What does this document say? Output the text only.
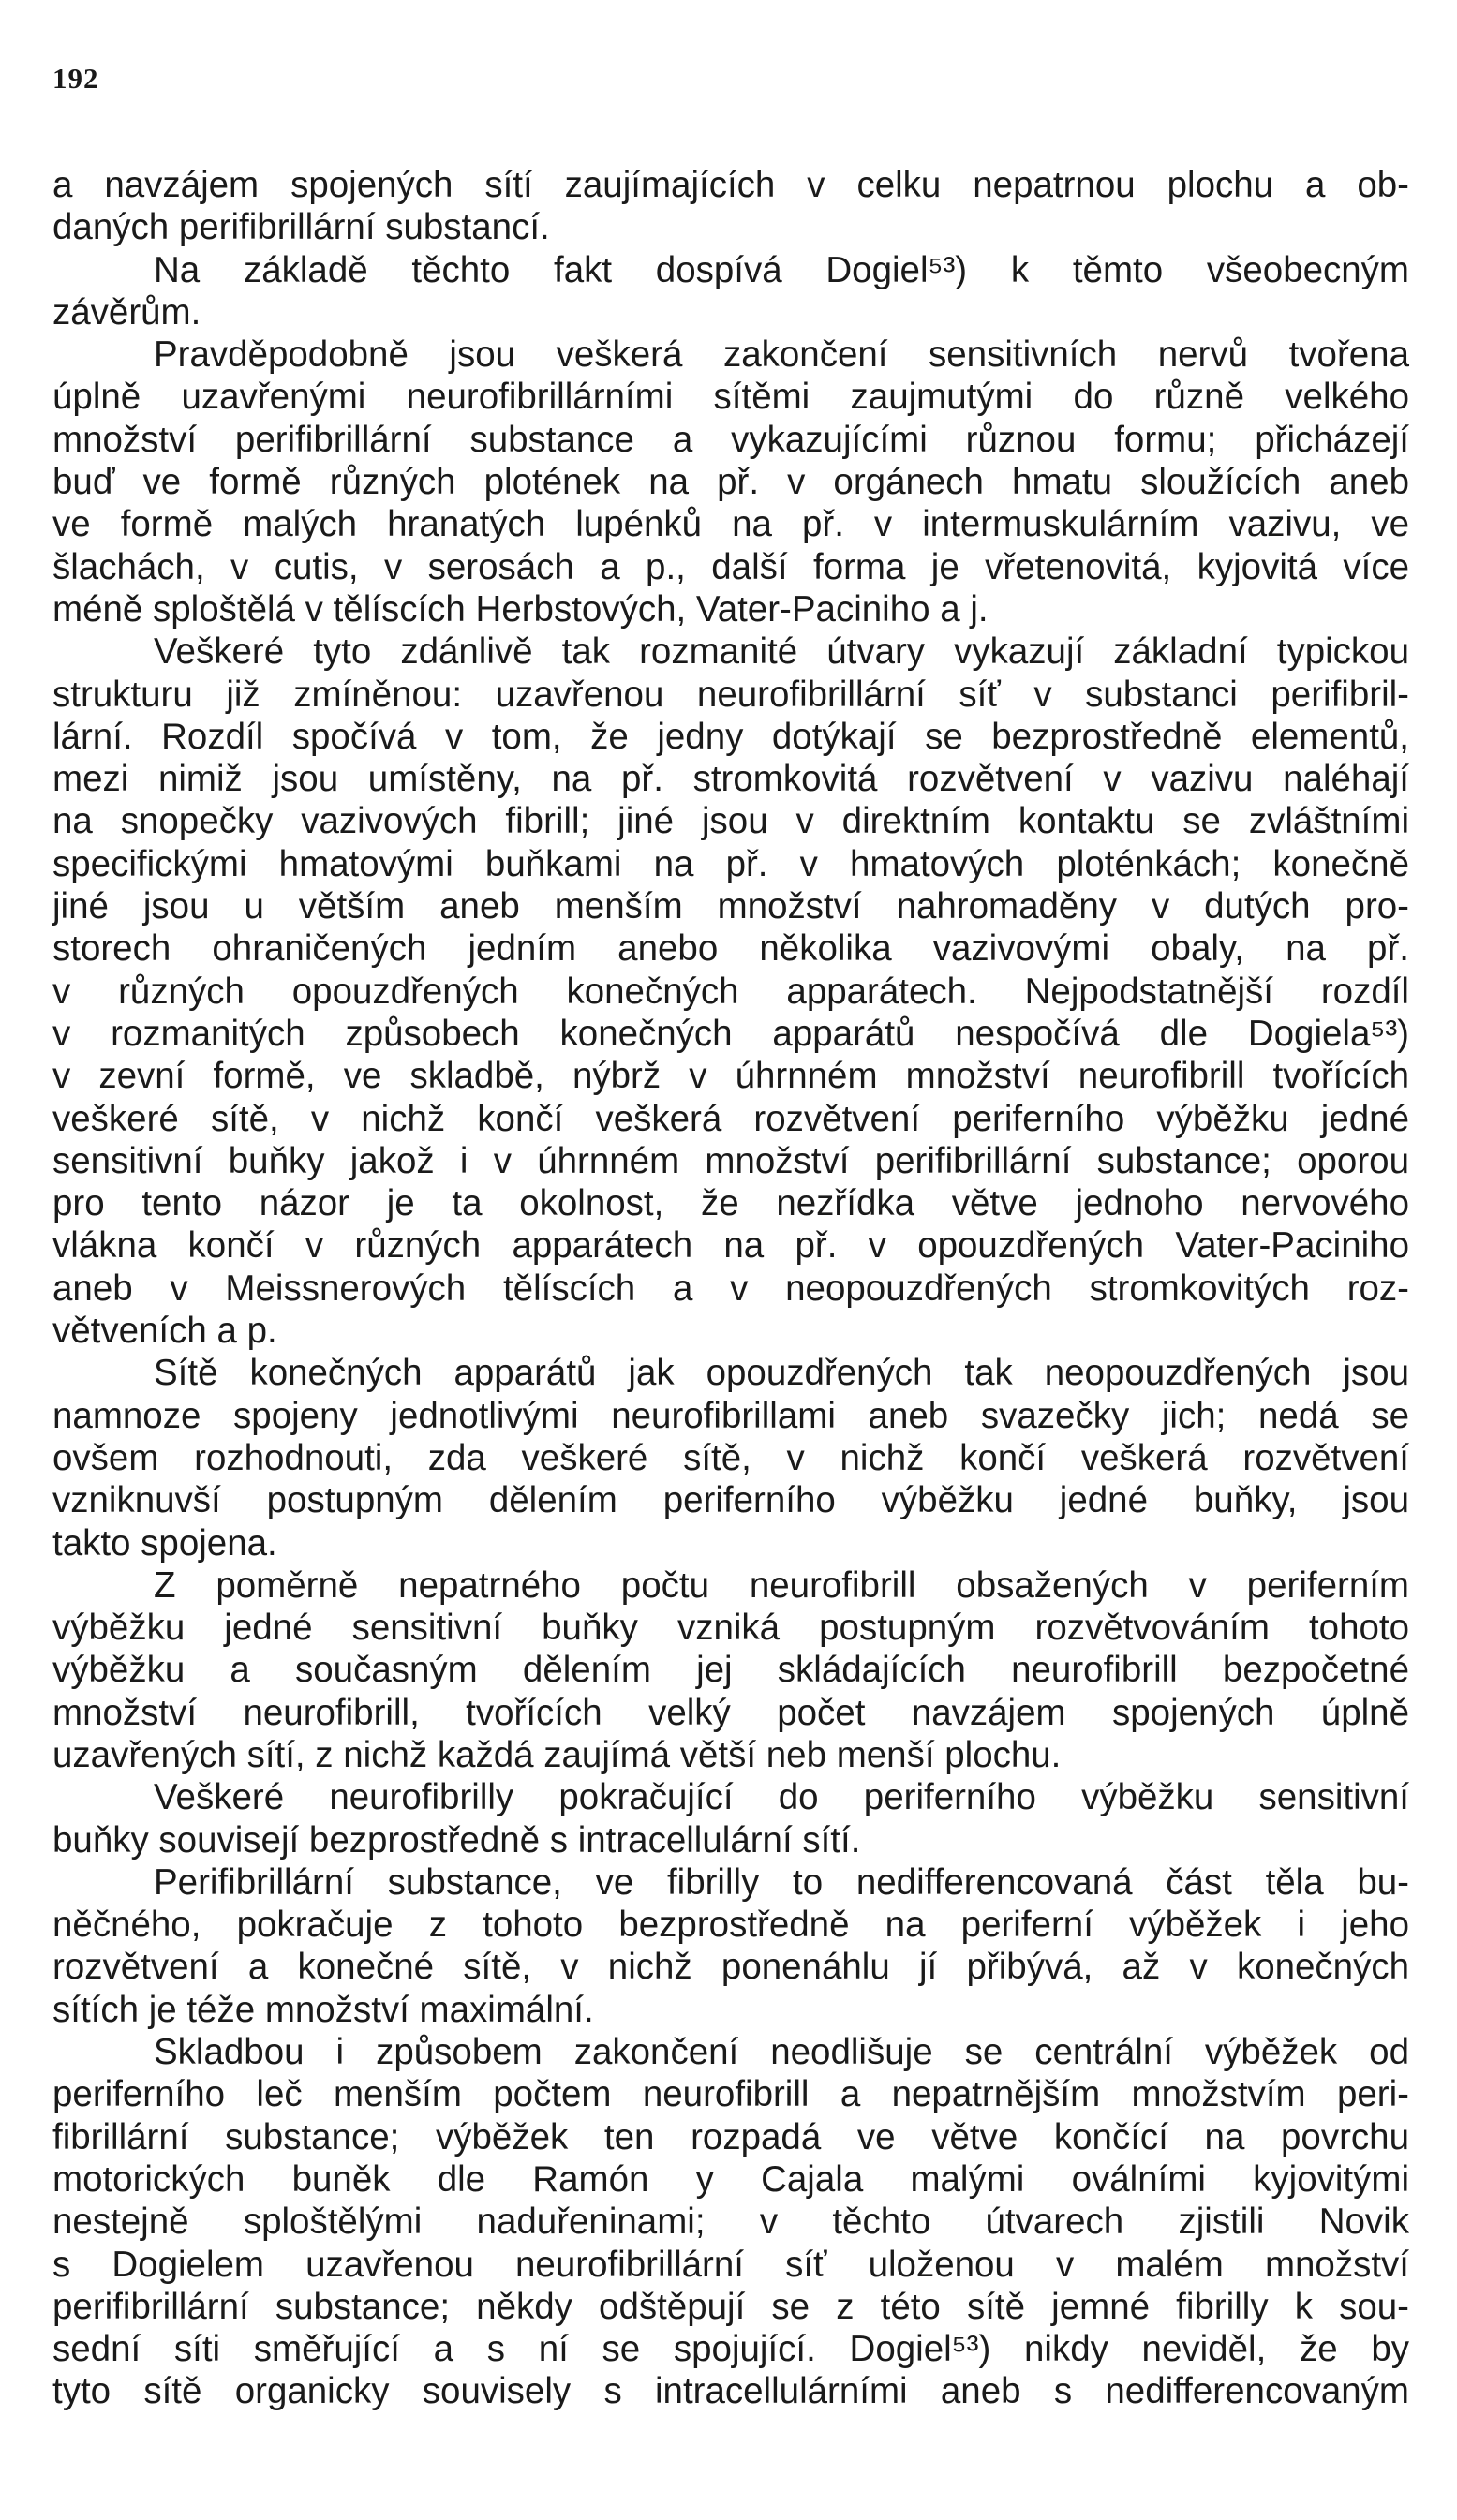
192
a navzájem spojených sítí zaujímajících v celku nepatrnou plochu a ob-
daných perifibrillární substancí.
Na základě těchto fakt dospívá Dogiel⁵³) k těmto všeobecným
závěrům.
Pravděpodobně jsou veškerá zakončení sensitivních nervů tvořena
úplně uzavřenými neurofibrillárními sítěmi zaujmutými do různě velkého
množství perifibrillární substance a vykazujícími různou formu; přicházejí
buď ve formě různých plotének na př. v orgánech hmatu sloužících aneb
ve formě malých hranatých lupénků na př. v intermuskulárním vazivu, ve
šlachách, v cutis, v serosách a p., další forma je vřetenovitá, kyjovitá více
méně sploštělá v tělíscích Herbstových, Vater-Paciniho a j.
Veškeré tyto zdánlivě tak rozmanité útvary vykazují základní typickou
strukturu již zmíněnou: uzavřenou neurofibrillární síť v substanci perifibril-
lární. Rozdíl spočívá v tom, že jedny dotýkají se bezprostředně elementů,
mezi nimiž jsou umístěny, na př. stromkovitá rozvětvení v vazivu naléhají
na snopečky vazivových fibrill; jiné jsou v direktním kontaktu se zvláštními
specifickými hmatovými buňkami na př. v hmatových ploténkách; konečně
jiné jsou u větším aneb menším množství nahromaděny v dutých pro-
storech ohraničených jedním anebo několika vazivovými obaly, na př.
v různých opouzdřených konečných apparátech. Nejpodstatnější rozdíl
v rozmanitých způsobech konečných apparátů nespočívá dle Dogiela⁵³)
v zevní formě, ve skladbě, nýbrž v úhrnném množství neurofibrill tvořících
veškeré sítě, v nichž končí veškerá rozvětvení periferního výběžku jedné
sensitivní buňky jakož i v úhrnném množství perifibrillární substance; oporou
pro tento názor je ta okolnost, že nezřídka větve jednoho nervového
vlákna končí v různých apparátech na př. v opouzdřených Vater-Paciniho
aneb v Meissnerových tělíscích a v neopouzdřených stromkovitých roz-
větveních a p.
Sítě konečných apparátů jak opouzdřených tak neopouzdřených jsou
namnoze spojeny jednotlivými neurofibrillami aneb svazečky jich; nedá se
ovšem rozhodnouti, zda veškeré sítě, v nichž končí veškerá rozvětvení
vzniknuvší postupným dělením periferního výběžku jedné buňky, jsou
takto spojena.
Z poměrně nepatrného počtu neurofibrill obsažených v periferním
výběžku jedné sensitivní buňky vzniká postupným rozvětvováním tohoto
výběžku a současným dělením jej skládajících neurofibrill bezpočetné
množství neurofibrill, tvořících velký počet navzájem spojených úplně
uzavřených sítí, z nichž každá zaujímá větší neb menší plochu.
Veškeré neurofibrilly pokračující do periferního výběžku sensitivní
buňky souvisejí bezprostředně s intracellulární sítí.
Perifibrillární substance, ve fibrilly to nedifferencovaná část těla bu-
něčného, pokračuje z tohoto bezprostředně na periferní výběžek i jeho
rozvětvení a konečné sítě, v nichž ponenáhlu jí přibývá, až v konečných
sítích je téže množství maximální.
Skladbou i způsobem zakončení neodlišuje se centrální výběžek od
periferního leč menším počtem neurofibrill a nepatrnějším množstvím peri-
fibrillární substance; výběžek ten rozpadá ve větve končící na povrchu
motorických buněk dle Ramón y Cajala malými oválními kyjovitými
nestejně sploštělými naduřeninami; v těchto útvarech zjistili Novik
s Dogielem uzavřenou neurofibrillární síť uloženou v malém množství
perifibrillární substance; někdy odštěpují se z této sítě jemné fibrilly k sou-
sední síti směřující a s ní se spojující. Dogiel⁵³) nikdy neviděl, že by
tyto sítě organicky souvisely s intracellulárními aneb s nedifferencovaným
